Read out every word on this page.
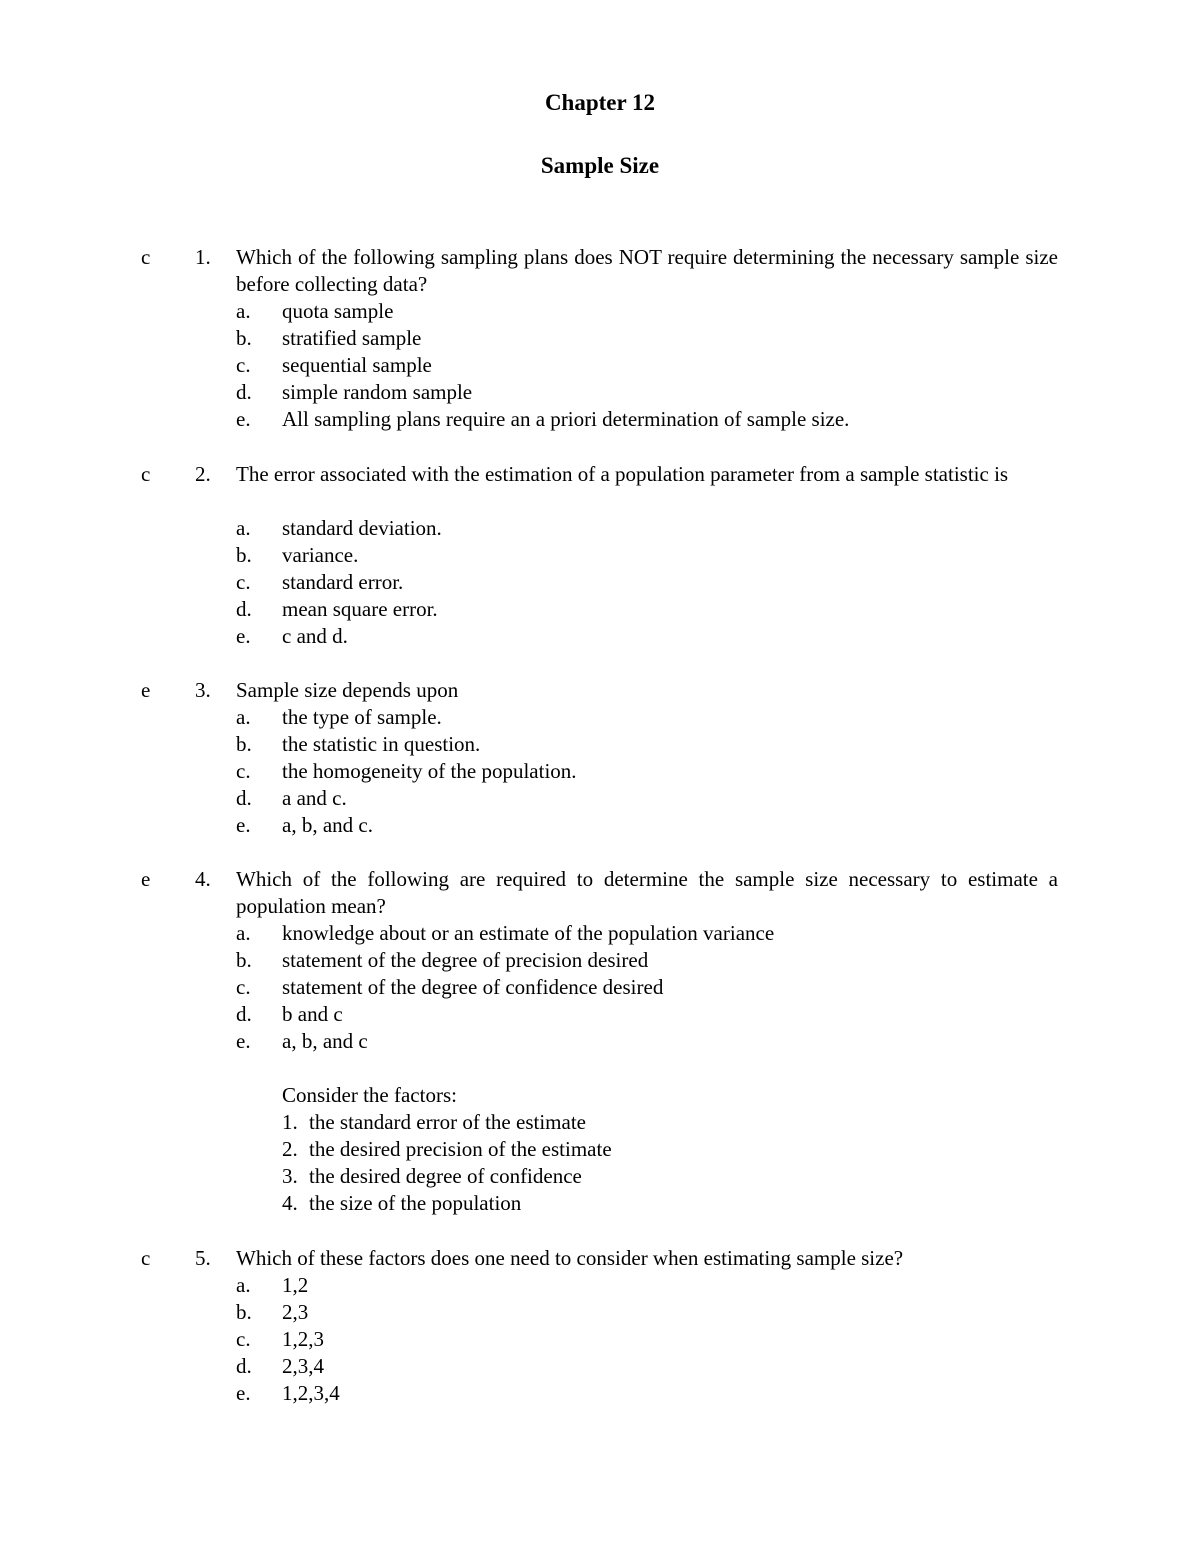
Chapter 12
Sample Size
c 1. Which of the following sampling plans does NOT require determining the necessary sample size before collecting data?
a. quota sample
b. stratified sample
c. sequential sample
d. simple random sample
e. All sampling plans require an a priori determination of sample size.
c 2. The error associated with the estimation of a population parameter from a sample statistic is
a. standard deviation.
b. variance.
c. standard error.
d. mean square error.
e. c and d.
e 3. Sample size depends upon
a. the type of sample.
b. the statistic in question.
c. the homogeneity of the population.
d. a and c.
e. a, b, and c.
e 4. Which of the following are required to determine the sample size necessary to estimate a population mean?
a. knowledge about or an estimate of the population variance
b. statement of the degree of precision desired
c. statement of the degree of confidence desired
d. b and c
e. a, b, and c
Consider the factors:
1. the standard error of the estimate
2. the desired precision of the estimate
3. the desired degree of confidence
4. the size of the population
c 5. Which of these factors does one need to consider when estimating sample size?
a. 1,2
b. 2,3
c. 1,2,3
d. 2,3,4
e. 1,2,3,4
